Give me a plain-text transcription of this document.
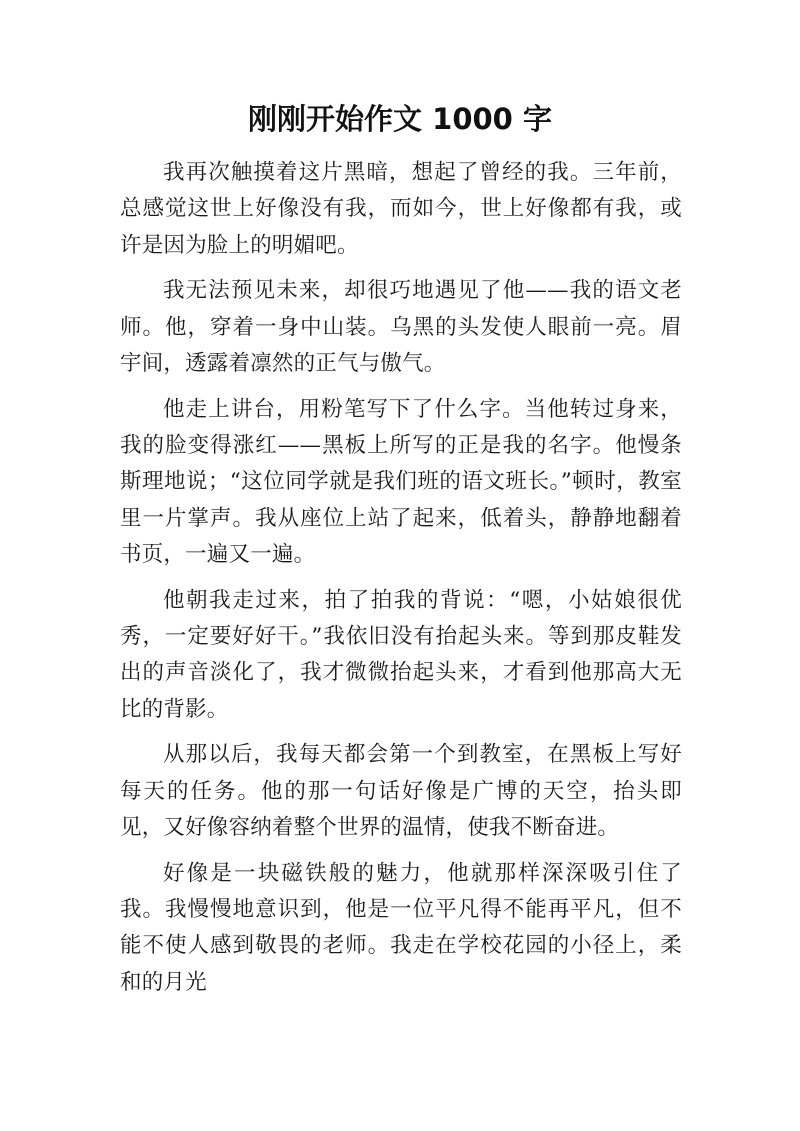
刚刚开始作文 1000 字

我再次触摸着这片黑暗，想起了曾经的我。三年前，总感觉这世上好像没有我，而如今，世上好像都有我，或许是因为脸上的明媚吧。

我无法预见未来，却很巧地遇见了他——我的语文老师。他，穿着一身中山装。乌黑的头发使人眼前一亮。眉宇间，透露着凛然的正气与傲气。

他走上讲台，用粉笔写下了什么字。当他转过身来，我的脸变得涨红——黑板上所写的正是我的名字。他慢条斯理地说；“这位同学就是我们班的语文班长。”顿时，教室里一片掌声。我从座位上站了起来，低着头，静静地翻着书页，一遍又一遍。

他朝我走过来，拍了拍我的背说：“嗯，小姑娘很优秀，一定要好好干。”我依旧没有抬起头来。等到那皮鞋发出的声音淡化了，我才微微抬起头来，才看到他那高大无比的背影。

从那以后，我每天都会第一个到教室，在黑板上写好每天的任务。他的那一句话好像是广博的天空，抬头即见，又好像容纳着整个世界的温情，使我不断奋进。

好像是一块磁铁般的魅力，他就那样深深吸引住了我。我慢慢地意识到，他是一位平凡得不能再平凡，但不能不使人感到敬畏的老师。我走在学校花园的小径上，柔和的月光
